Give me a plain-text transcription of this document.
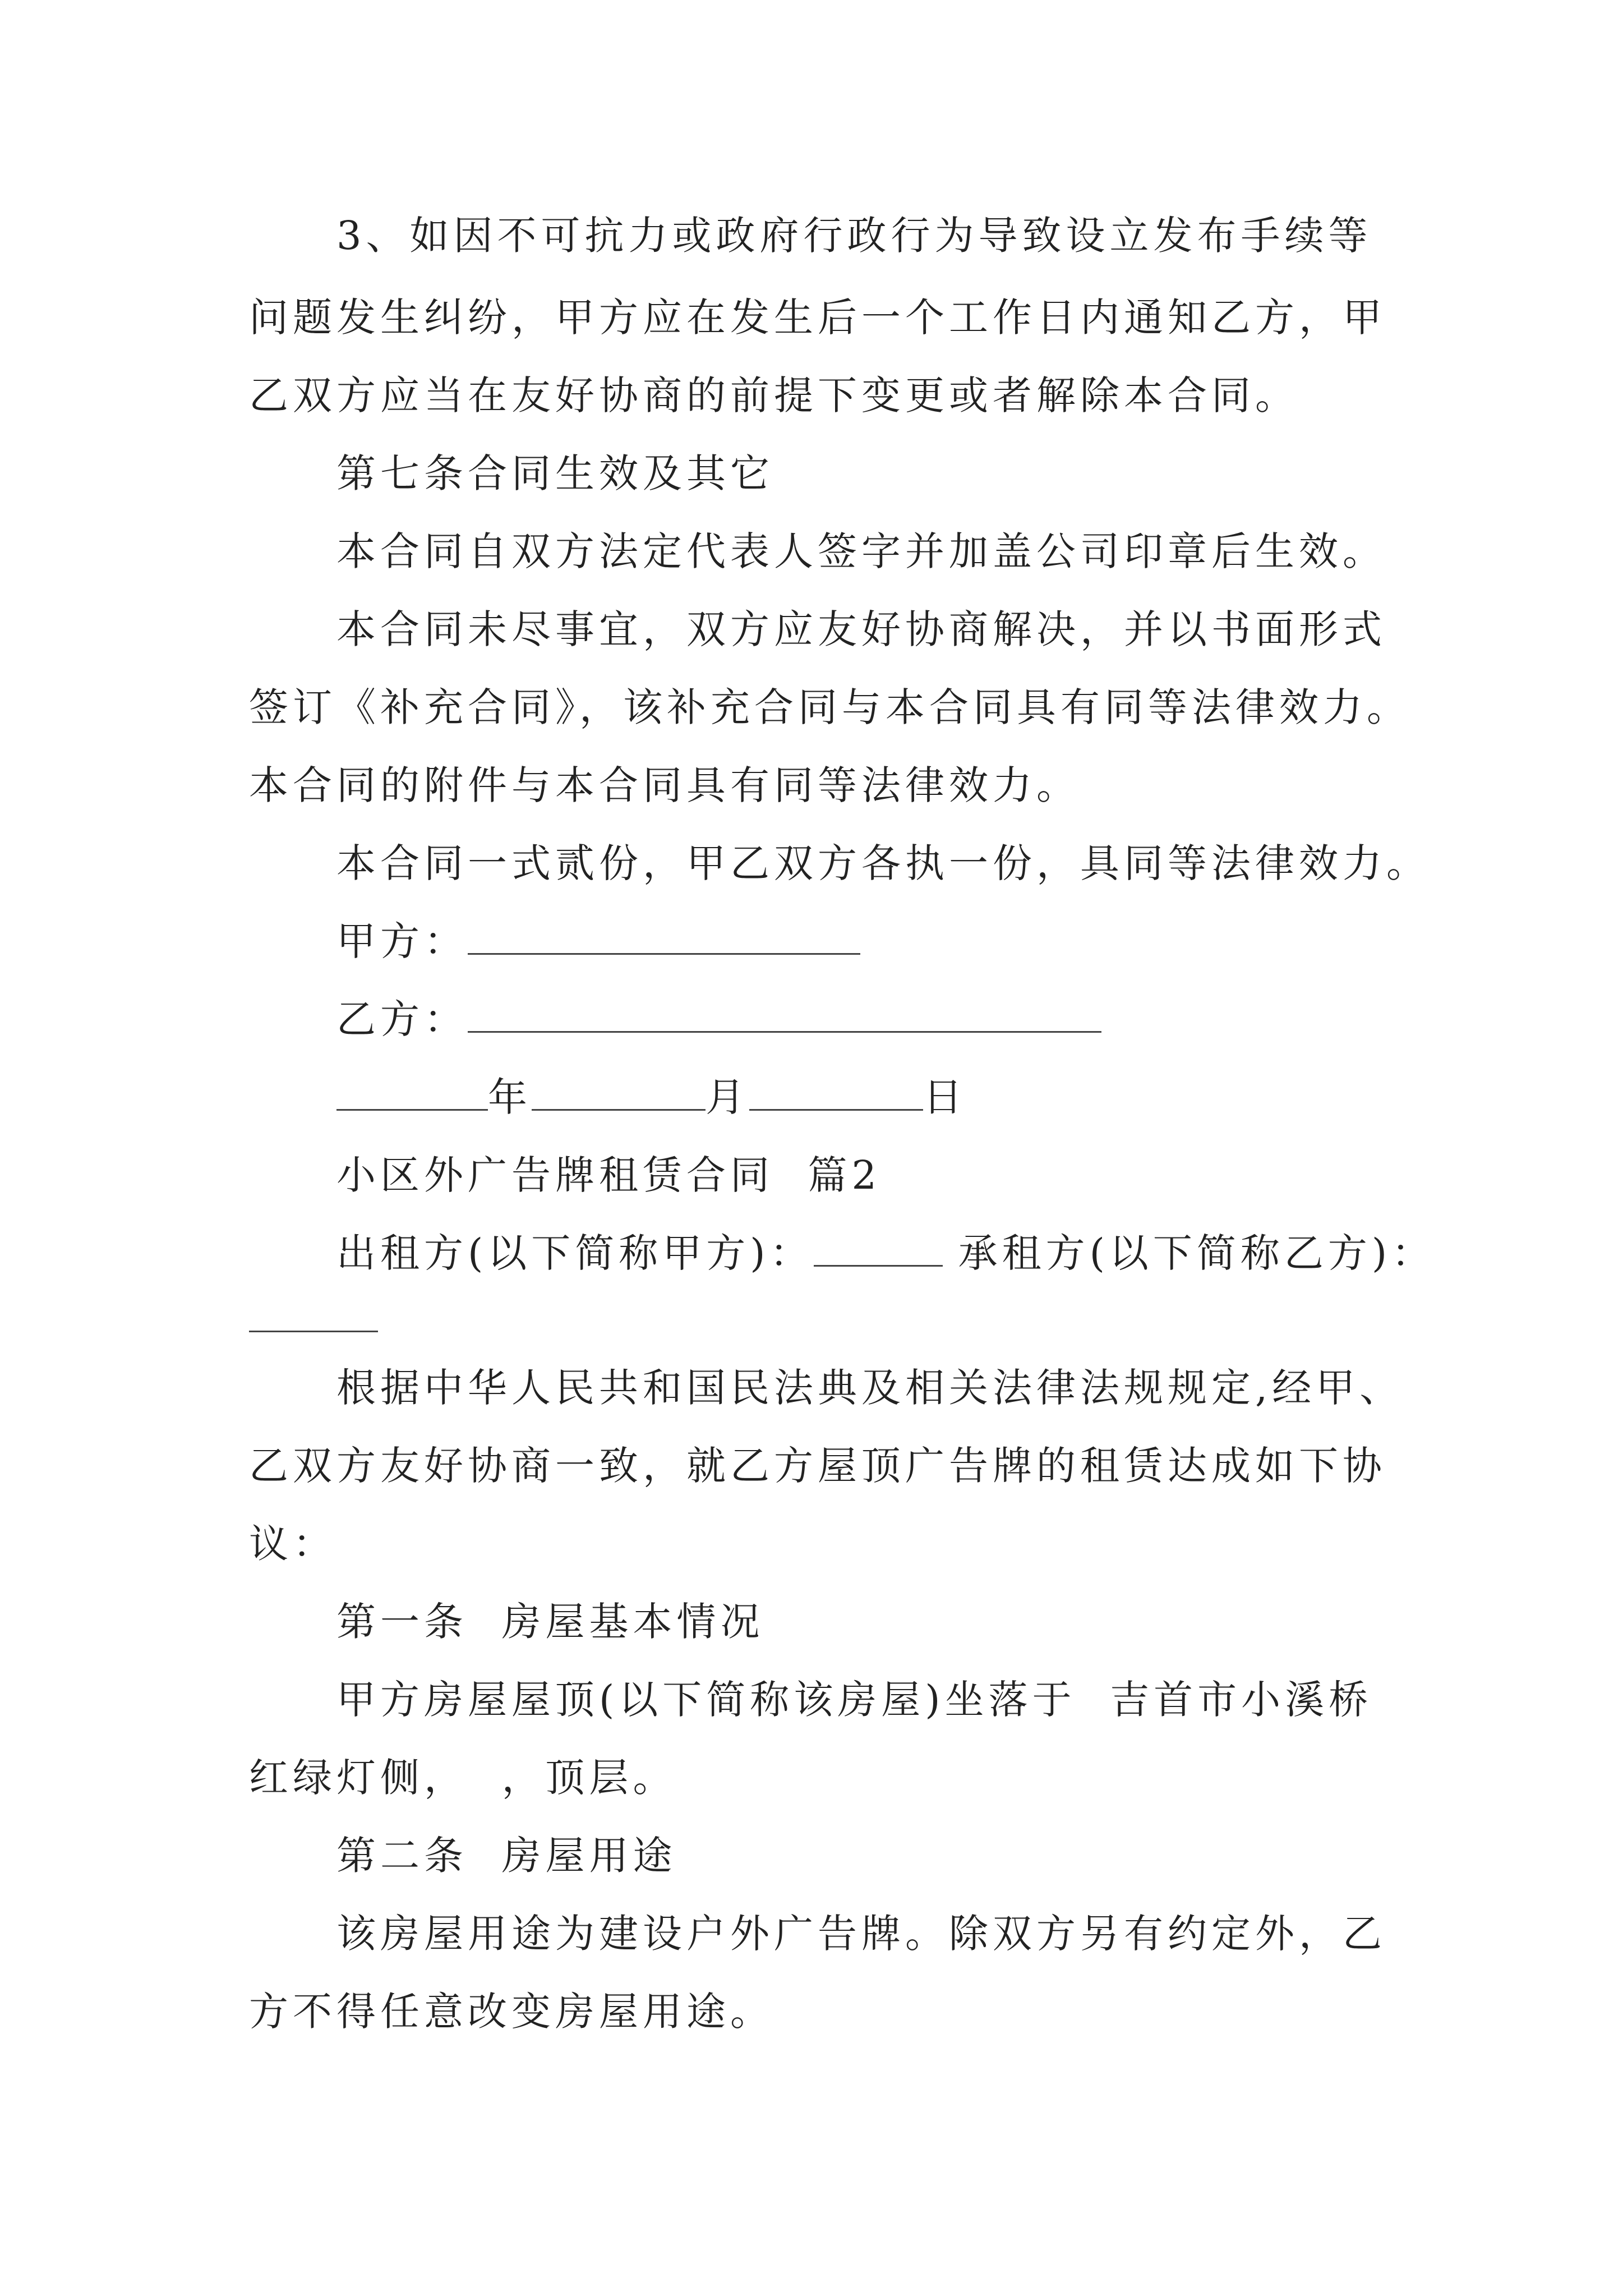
3、如因不可抗力或政府行政行为导致设立发布手续等
问题发生纠纷，甲方应在发生后一个工作日内通知乙方，甲
乙双方应当在友好协商的前提下变更或者解除本合同。
第七条合同生效及其它
本合同自双方法定代表人签字并加盖公司印章后生效。
本合同未尽事宜，双方应友好协商解决，并以书面形式
签订《补充合同》，该补充合同与本合同具有同等法律效力。
本合同的附件与本合同具有同等法律效力。
本合同一式贰份，甲乙双方各执一份，具同等法律效力。
甲方：
乙方：
年	月	日
小区外广告牌租赁合同  篇2
出租方(以下简称甲方)：	承租方(以下简称乙方)：
根据中华人民共和国民法典及相关法律法规规定,经甲、
乙双方友好协商一致，就乙方屋顶广告牌的租赁达成如下协
议：
第一条  房屋基本情况
甲方房屋屋顶(以下简称该房屋)坐落于  吉首市小溪桥
红绿灯侧，  ，顶层。
第二条  房屋用途
该房屋用途为建设户外广告牌。除双方另有约定外，乙
方不得任意改变房屋用途。
